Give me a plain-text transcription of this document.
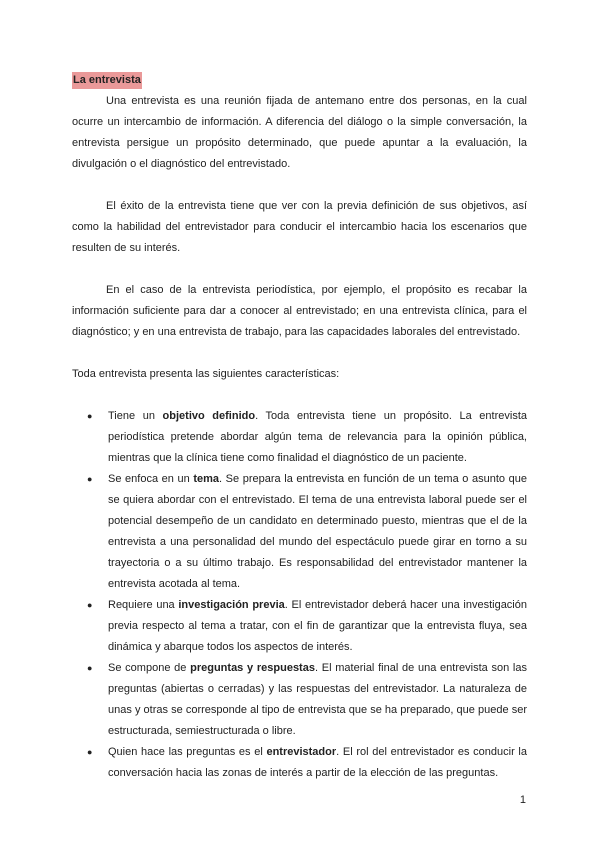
La entrevista

Una entrevista es una reunión fijada de antemano entre dos personas, en la cual ocurre un intercambio de información. A diferencia del diálogo o la simple conversación, la entrevista persigue un propósito determinado, que puede apuntar a la evaluación, la divulgación o el diagnóstico del entrevistado.

El éxito de la entrevista tiene que ver con la previa definición de sus objetivos, así como la habilidad del entrevistador para conducir el intercambio hacia los escenarios que resulten de su interés.

En el caso de la entrevista periodística, por ejemplo, el propósito es recabar la información suficiente para dar a conocer al entrevistado; en una entrevista clínica, para el diagnóstico; y en una entrevista de trabajo, para las capacidades laborales del entrevistado.

Toda entrevista presenta las siguientes características:

● Tiene un objetivo definido. Toda entrevista tiene un propósito. La entrevista periodística pretende abordar algún tema de relevancia para la opinión pública, mientras que la clínica tiene como finalidad el diagnóstico de un paciente.
● Se enfoca en un tema. Se prepara la entrevista en función de un tema o asunto que se quiera abordar con el entrevistado. El tema de una entrevista laboral puede ser el potencial desempeño de un candidato en determinado puesto, mientras que el de la entrevista a una personalidad del mundo del espectáculo puede girar en torno a su trayectoria o a su último trabajo. Es responsabilidad del entrevistador mantener la entrevista acotada al tema.
● Requiere una investigación previa. El entrevistador deberá hacer una investigación previa respecto al tema a tratar, con el fin de garantizar que la entrevista fluya, sea dinámica y abarque todos los aspectos de interés.
● Se compone de preguntas y respuestas. El material final de una entrevista son las preguntas (abiertas o cerradas) y las respuestas del entrevistador. La naturaleza de unas y otras se corresponde al tipo de entrevista que se ha preparado, que puede ser estructurada, semiestructurada o libre.
● Quien hace las preguntas es el entrevistador. El rol del entrevistador es conducir la conversación hacia las zonas de interés a partir de la elección de las preguntas.
1
